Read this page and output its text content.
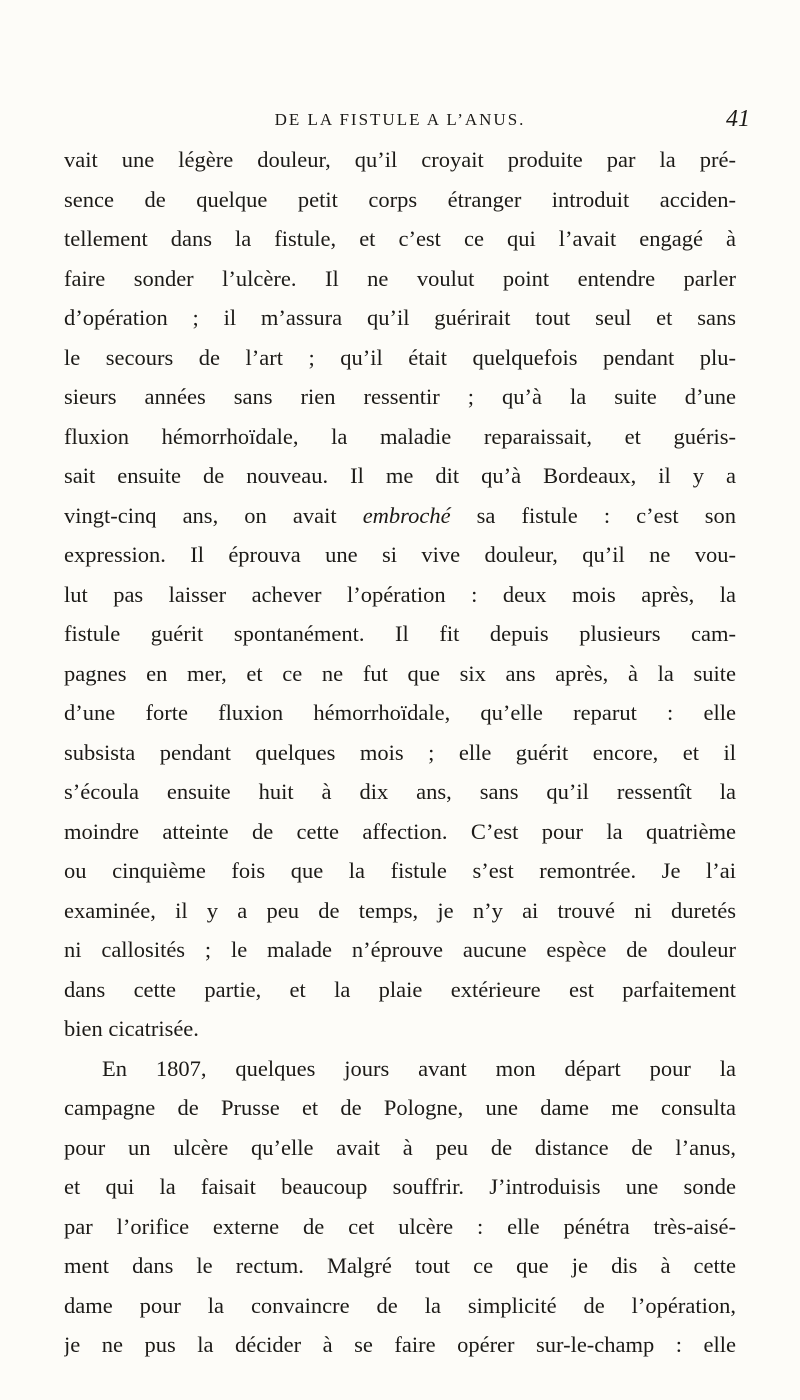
DE LA FISTULE A L’ANUS.	41
vait une légère douleur, qu’il croyait produite par la pré-
sence de quelque petit corps étranger introduit acciden-
tellement dans la fistule, et c’est ce qui l’avait engagé à
faire sonder l’ulcère. Il ne voulut point entendre parler
d’opération ; il m’assura qu’il guérirait tout seul et sans
le secours de l’art ; qu’il était quelquefois pendant plu-
sieurs années sans rien ressentir ; qu’à la suite d’une
fluxion hémorrhoïdale, la maladie reparaissait, et guéris-
sait ensuite de nouveau. Il me dit qu’à Bordeaux, il y a
vingt-cinq ans, on avait embroché sa fistule : c’est son
expression. Il éprouva une si vive douleur, qu’il ne vou-
lut pas laisser achever l’opération : deux mois après, la
fistule guérit spontanément. Il fit depuis plusieurs cam-
pagnes en mer, et ce ne fut que six ans après, à la suite
d’une forte fluxion hémorrhoïdale, qu’elle reparut : elle
subsista pendant quelques mois ; elle guérit encore, et il
s’écoula ensuite huit à dix ans, sans qu’il ressentît la
moindre atteinte de cette affection. C’est pour la quatrième
ou cinquième fois que la fistule s’est remontrée. Je l’ai
examinée, il y a peu de temps, je n’y ai trouvé ni duretés
ni callosités ; le malade n’éprouve aucune espèce de douleur
dans cette partie, et la plaie extérieure est parfaitement
bien cicatrisée.
En 1807, quelques jours avant mon départ pour la
campagne de Prusse et de Pologne, une dame me consulta
pour un ulcère qu’elle avait à peu de distance de l’anus,
et qui la faisait beaucoup souffrir. J’introduisis une sonde
par l’orifice externe de cet ulcère : elle pénétra très-aisé-
ment dans le rectum. Malgré tout ce que je dis à cette
dame pour la convaincre de la simplicité de l’opération,
je ne pus la décider à se faire opérer sur-le-champ : elle
